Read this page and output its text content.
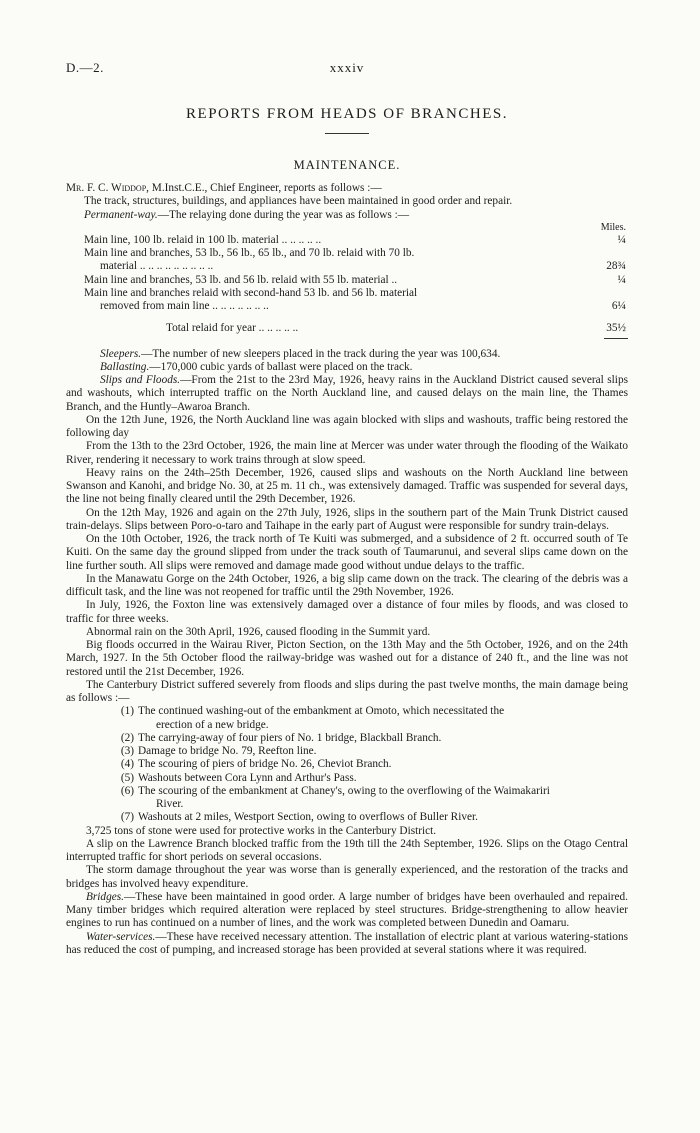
D.—2.	xxxiv
REPORTS FROM HEADS OF BRANCHES.
MAINTENANCE.

Mr. F. C. Widdop, M.Inst.C.E., Chief Engineer, reports as follows :—

The track, structures, buildings, and appliances have been maintained in good order and repair.

Permanent-way.—The relaying done during the year was as follows :—

Miles.
Main line, 100 lb. relaid in 100 lb. material .. .. .. .. ..	¼
Main line and branches, 53 lb., 56 lb., 65 lb., and 70 lb. relaid with 70 lb.
material .. .. .. .. .. .. .. .. ..	28¾
Main line and branches, 53 lb. and 56 lb. relaid with 55 lb. material ..	¼
Main line and branches relaid with second-hand 53 lb. and 56 lb. material
removed from main line .. .. .. .. .. .. ..	6¼
Total relaid for year .. .. .. .. ..	35½

Sleepers.—The number of new sleepers placed in the track during the year was 100,634.

Ballasting.—170,000 cubic yards of ballast were placed on the track.

Slips and Floods.—From the 21st to the 23rd May, 1926, heavy rains in the Auckland District caused several slips and washouts, which interrupted traffic on the North Auckland line, and caused delays on the main line, the Thames Branch, and the Huntly–Awaroa Branch.

On the 12th June, 1926, the North Auckland line was again blocked with slips and washouts, traffic being restored the following day

From the 13th to the 23rd October, 1926, the main line at Mercer was under water through the flooding of the Waikato River, rendering it necessary to work trains through at slow speed.

Heavy rains on the 24th–25th December, 1926, caused slips and washouts on the North Auckland line between Swanson and Kanohi, and bridge No. 30, at 25 m. 11 ch., was extensively damaged. Traffic was suspended for several days, the line not being finally cleared until the 29th December, 1926.

On the 12th May, 1926 and again on the 27th July, 1926, slips in the southern part of the Main Trunk District caused train-delays. Slips between Poro-o-taro and Taihape in the early part of August were responsible for sundry train-delays.

On the 10th October, 1926, the track north of Te Kuiti was submerged, and a subsidence of 2 ft. occurred south of Te Kuiti. On the same day the ground slipped from under the track south of Taumarunui, and several slips came down on the line further south. All slips were removed and damage made good without undue delays to the traffic.

In the Manawatu Gorge on the 24th October, 1926, a big slip came down on the track. The clearing of the debris was a difficult task, and the line was not reopened for traffic until the 29th November, 1926.

In July, 1926, the Foxton line was extensively damaged over a distance of four miles by floods, and was closed to traffic for three weeks.

Abnormal rain on the 30th April, 1926, caused flooding in the Summit yard.

Big floods occurred in the Wairau River, Picton Section, on the 13th May and the 5th October, 1926, and on the 24th March, 1927. In the 5th October flood the railway-bridge was washed out for a distance of 240 ft., and the line was not restored until the 21st December, 1926.

The Canterbury District suffered severely from floods and slips during the past twelve months, the main damage being as follows :—

(1) The continued washing-out of the embankment at Omoto, which necessitated the
erection of a new bridge.
(2) The carrying-away of four piers of No. 1 bridge, Blackball Branch.
(3) Damage to bridge No. 79, Reefton line.
(4) The scouring of piers of bridge No. 26, Cheviot Branch.
(5) Washouts between Cora Lynn and Arthur's Pass.
(6) The scouring of the embankment at Chaney's, owing to the overflowing of the Waimakariri
River.
(7) Washouts at 2 miles, Westport Section, owing to overflows of Buller River.

3,725 tons of stone were used for protective works in the Canterbury District.

A slip on the Lawrence Branch blocked traffic from the 19th till the 24th September, 1926. Slips on the Otago Central interrupted traffic for short periods on several occasions.

The storm damage throughout the year was worse than is generally experienced, and the restoration of the tracks and bridges has involved heavy expenditure.

Bridges.—These have been maintained in good order. A large number of bridges have been overhauled and repaired. Many timber bridges which required alteration were replaced by steel structures. Bridge-strengthening to allow heavier engines to run has continued on a number of lines, and the work was completed between Dunedin and Oamaru.

Water-services.—These have received necessary attention. The installation of electric plant at various watering-stations has reduced the cost of pumping, and increased storage has been provided at several stations where it was required.
